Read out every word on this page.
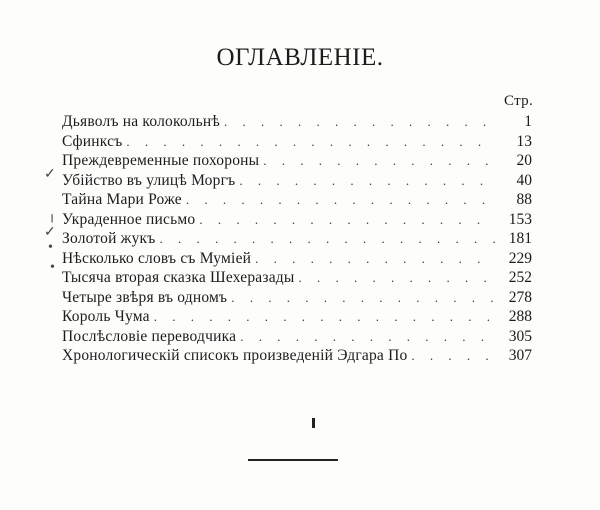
ОГЛАВЛЕНІЕ.
Стр.
Дьяволъ на колокольнѣ . . .	1
Сфинксъ . . .	13
Преждевременные похороны . . .	20
Убійство въ улицѣ Моргъ . . .	40
Тайна Мари Роже . . .	88
Украденное письмо . . .	153
Золотой жукъ . . .	181
Нѣсколько словъ съ Муміей . . .	229
Тысяча вторая сказка Шехеразады . . .	252
Четыре звѣря въ одномъ . . .	278
Король Чума . . .	288
Послѣсловіе переводчика . . .	305
Хронологическій списокъ произведеній Эдгара По . . .	307
✓
╷
✓
•
•
